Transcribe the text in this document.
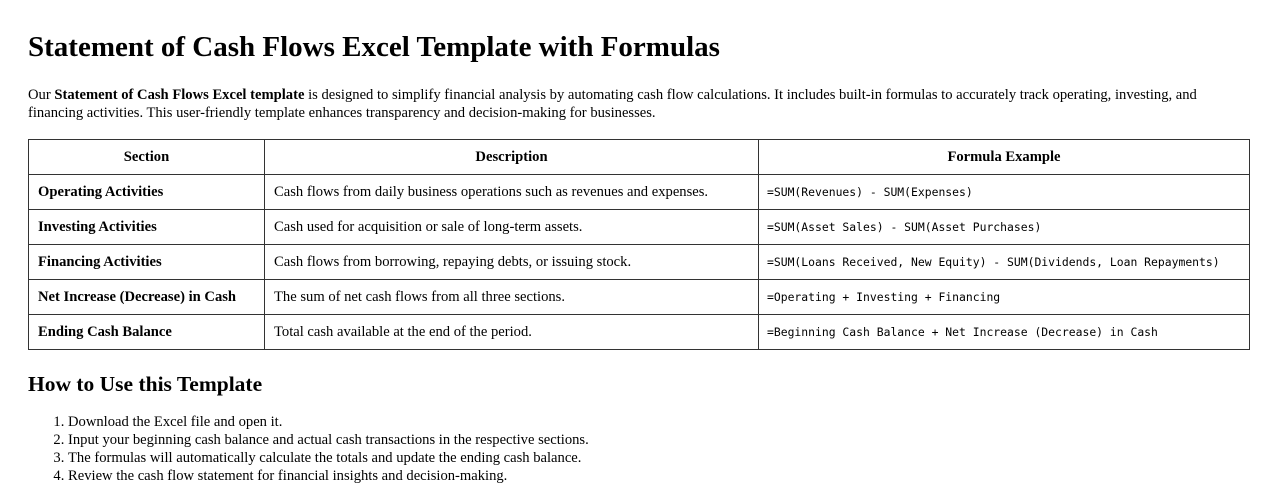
Statement of Cash Flows Excel Template with Formulas

Our Statement of Cash Flows Excel template is designed to simplify financial analysis by automating cash flow calculations. It includes built-in formulas to accurately track operating, investing, and financing activities. This user-friendly template enhances transparency and decision-making for businesses.

Section	Description	Formula Example
Operating Activities	Cash flows from daily business operations such as revenues and expenses.	=SUM(Revenues) - SUM(Expenses)
Investing Activities	Cash used for acquisition or sale of long-term assets.	=SUM(Asset Sales) - SUM(Asset Purchases)
Financing Activities	Cash flows from borrowing, repaying debts, or issuing stock.	=SUM(Loans Received, New Equity) - SUM(Dividends, Loan Repayments)
Net Increase (Decrease) in Cash	The sum of net cash flows from all three sections.	=Operating + Investing + Financing
Ending Cash Balance	Total cash available at the end of the period.	=Beginning Cash Balance + Net Increase (Decrease) in Cash
How to Use this Template
1. Download the Excel file and open it.
2. Input your beginning cash balance and actual cash transactions in the respective sections.
3. The formulas will automatically calculate the totals and update the ending cash balance.
4. Review the cash flow statement for financial insights and decision-making.
